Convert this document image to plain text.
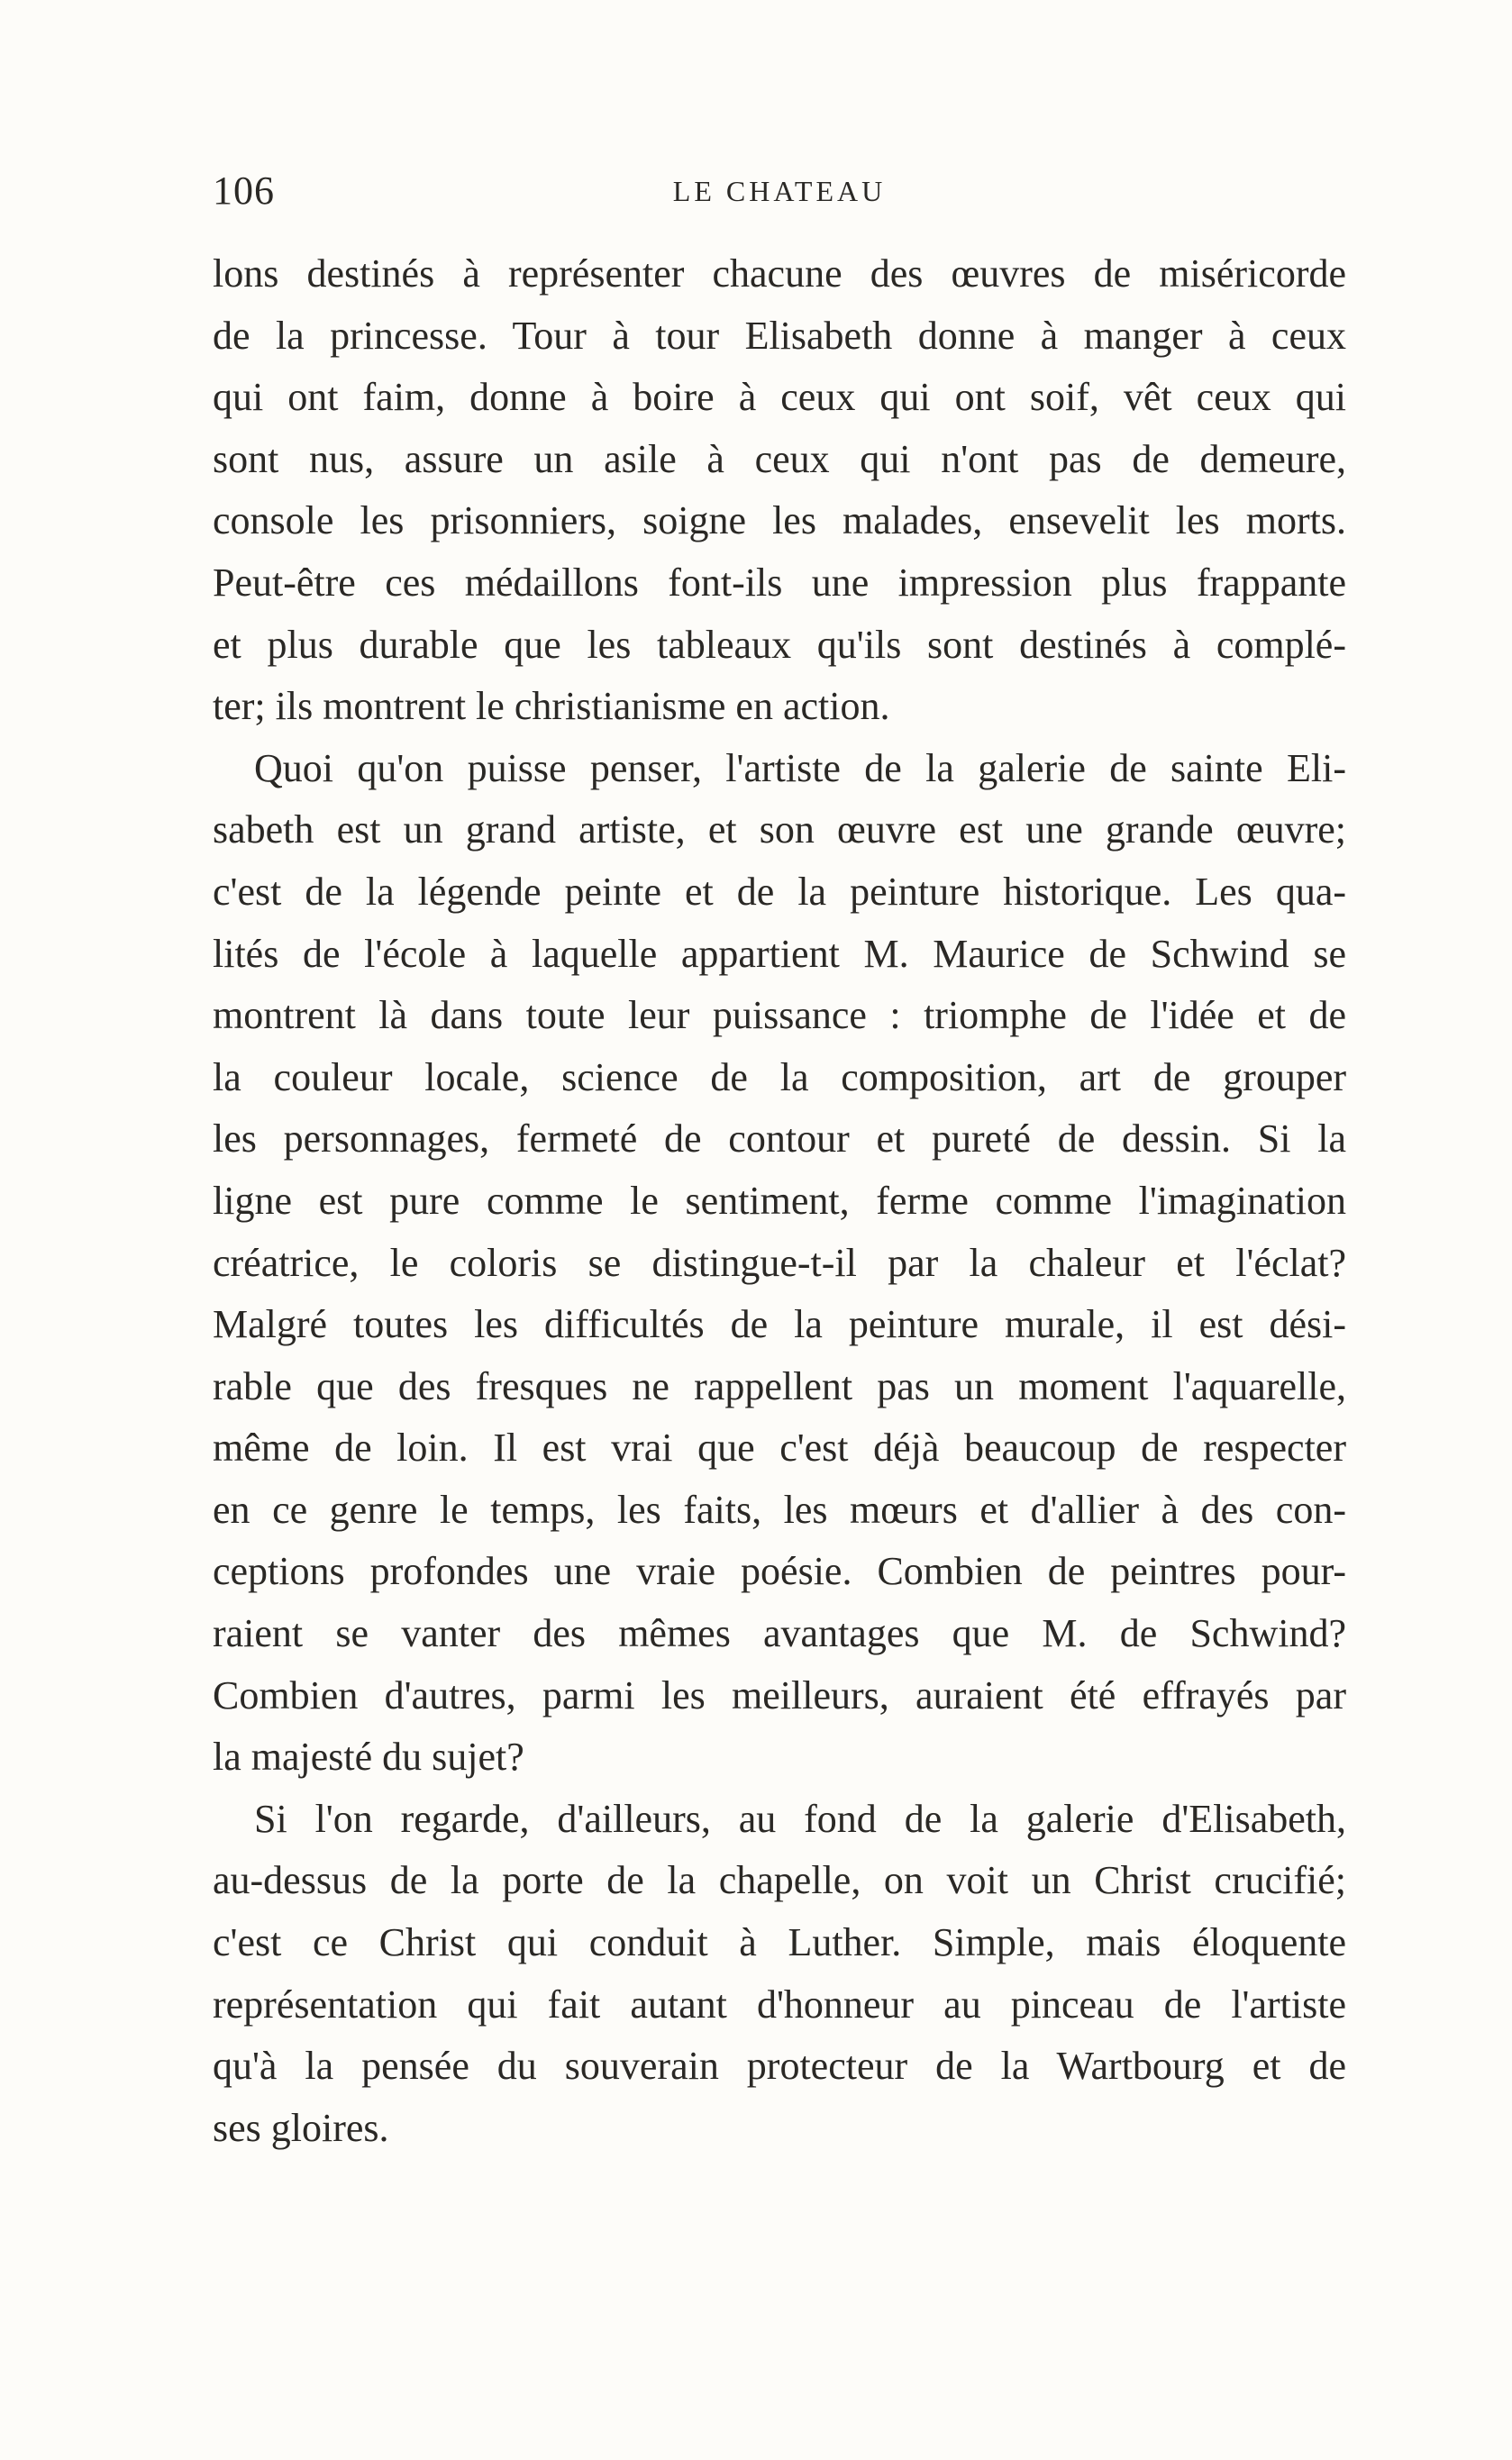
106	LE CHATEAU
lons destinés à représenter chacune des œuvres de miséricorde
de la princesse. Tour à tour Elisabeth donne à manger à ceux
qui ont faim, donne à boire à ceux qui ont soif, vêt ceux qui
sont nus, assure un asile à ceux qui n'ont pas de demeure,
console les prisonniers, soigne les malades, ensevelit les morts.
Peut-être ces médaillons font-ils une impression plus frappante
et plus durable que les tableaux qu'ils sont destinés à complé-
ter; ils montrent le christianisme en action.
Quoi qu'on puisse penser, l'artiste de la galerie de sainte Eli-
sabeth est un grand artiste, et son œuvre est une grande œuvre;
c'est de la légende peinte et de la peinture historique. Les qua-
lités de l'école à laquelle appartient M. Maurice de Schwind se
montrent là dans toute leur puissance : triomphe de l'idée et de
la couleur locale, science de la composition, art de grouper
les personnages, fermeté de contour et pureté de dessin. Si la
ligne est pure comme le sentiment, ferme comme l'imagination
créatrice, le coloris se distingue-t-il par la chaleur et l'éclat?
Malgré toutes les difficultés de la peinture murale, il est dési-
rable que des fresques ne rappellent pas un moment l'aquarelle,
même de loin. Il est vrai que c'est déjà beaucoup de respecter
en ce genre le temps, les faits, les mœurs et d'allier à des con-
ceptions profondes une vraie poésie. Combien de peintres pour-
raient se vanter des mêmes avantages que M. de Schwind?
Combien d'autres, parmi les meilleurs, auraient été effrayés par
la majesté du sujet?
Si l'on regarde, d'ailleurs, au fond de la galerie d'Elisabeth,
au-dessus de la porte de la chapelle, on voit un Christ crucifié;
c'est ce Christ qui conduit à Luther. Simple, mais éloquente
représentation qui fait autant d'honneur au pinceau de l'artiste
qu'à la pensée du souverain protecteur de la Wartbourg et de
ses gloires.
